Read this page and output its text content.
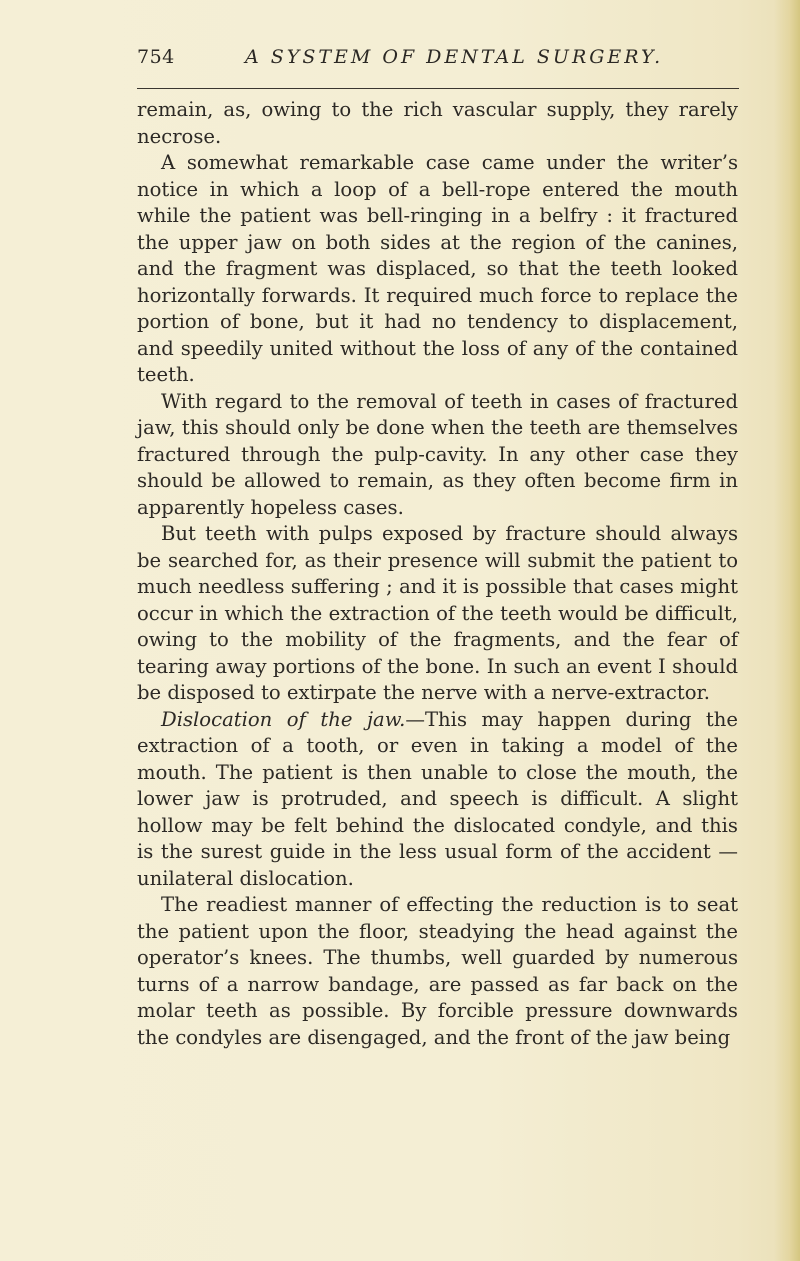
754	A SYSTEM OF DENTAL SURGERY.

remain, as, owing to the rich vascular supply, they rarely necrose.

A somewhat remarkable case came under the writer’s notice in which a loop of a bell-rope entered the mouth while the patient was bell-ringing in a belfry : it fractured the upper jaw on both sides at the region of the canines, and the fragment was displaced, so that the teeth looked horizontally forwards. It required much force to replace the portion of bone, but it had no tendency to displacement, and speedily united without the loss of any of the contained teeth.

With regard to the removal of teeth in cases of fractured jaw, this should only be done when the teeth are themselves fractured through the pulp-cavity. In any other case they should be allowed to remain, as they often become firm in apparently hopeless cases.

But teeth with pulps exposed by fracture should always be searched for, as their presence will submit the patient to much needless suffering ; and it is possible that cases might occur in which the extraction of the teeth would be difficult, owing to the mobility of the fragments, and the fear of tearing away portions of the bone. In such an event I should be disposed to extirpate the nerve with a nerve-extractor.

Dislocation of the jaw.—This may happen during the extraction of a tooth, or even in taking a model of the mouth. The patient is then unable to close the mouth, the lower jaw is protruded, and speech is difficult. A slight hollow may be felt behind the dislocated condyle, and this is the surest guide in the less usual form of the accident —unilateral dislocation.

The readiest manner of effecting the reduction is to seat the patient upon the floor, steadying the head against the operator’s knees. The thumbs, well guarded by numerous turns of a narrow bandage, are passed as far back on the molar teeth as possible. By forcible pressure downwards the condyles are disengaged, and the front of the jaw being
